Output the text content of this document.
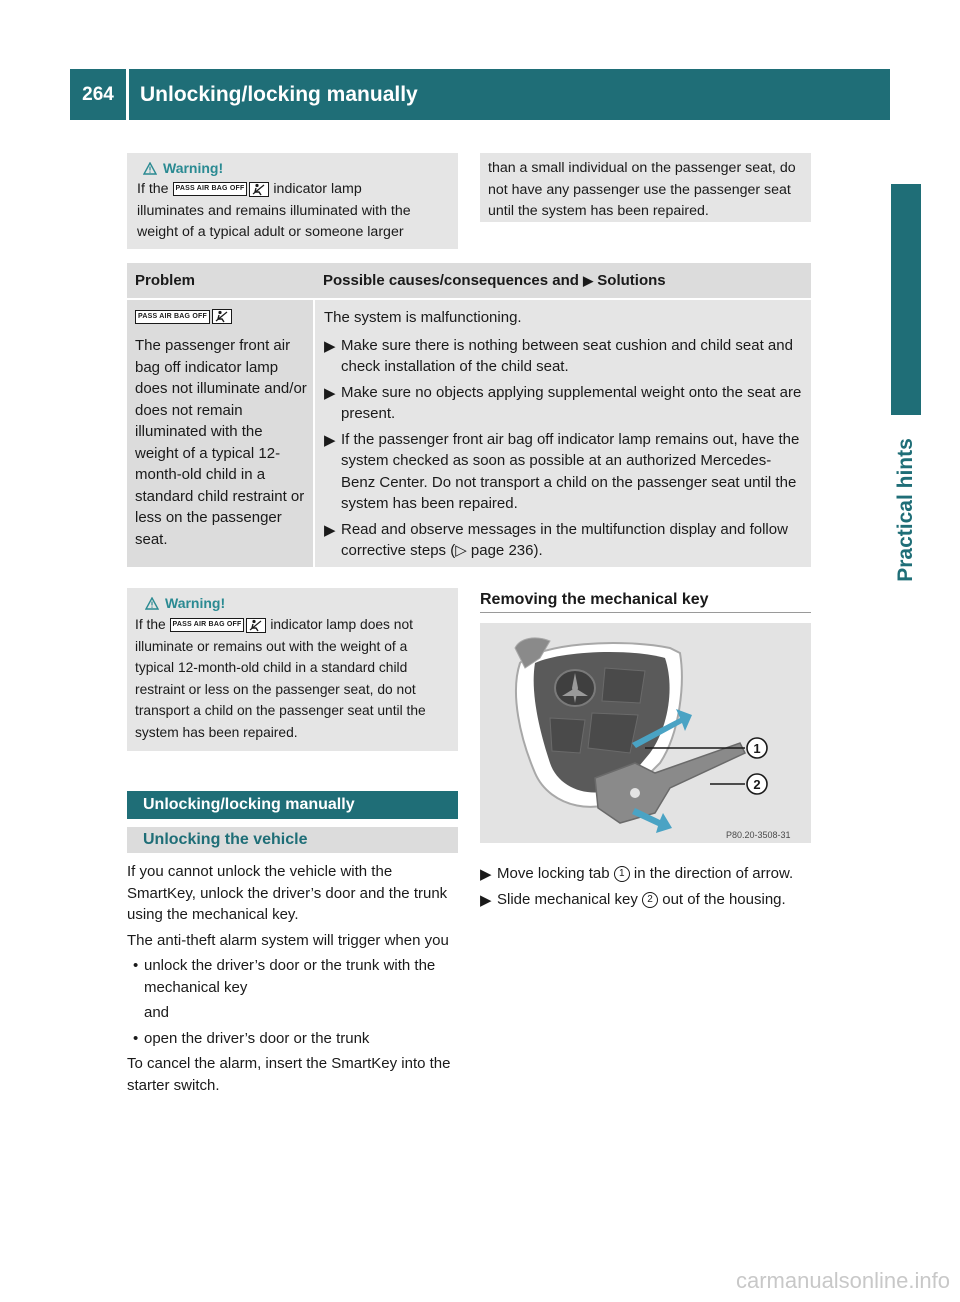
264	Unlocking/locking manually
Practical hints
Warning!
If the PASS AIR BAG OFF indicator lamp
illuminates and remains illuminated with the weight of a typical adult or someone larger
than a small individual on the passenger seat, do not have any passenger use the passenger seat until the system has been repaired.
Problem	Possible causes/consequences and ▶ Solutions
PASS AIR BAG OFF
The passenger front air bag off indicator lamp does not illuminate and/or does not remain illuminated with the weight of a typical 12-month-old child in a standard child restraint or less on the passenger seat.
The system is malfunctioning.
▶ Make sure there is nothing between seat cushion and child seat and check installation of the child seat.
▶ Make sure no objects applying supplemental weight onto the seat are present.
▶ If the passenger front air bag off indicator lamp remains out, have the system checked as soon as possible at an authorized Mercedes-Benz Center. Do not transport a child on the passenger seat until the system has been repaired.
▶ Read and observe messages in the multifunction display and follow corrective steps (▷ page 236).
Warning!
If the PASS AIR BAG OFF indicator lamp does not
illuminate or remains out with the weight of a typical 12-month-old child in a standard child restraint or less on the passenger seat, do not transport a child on the passenger seat until the system has been repaired.
Unlocking/locking manually
Unlocking the vehicle
If you cannot unlock the vehicle with the SmartKey, unlock the driver’s door and the trunk using the mechanical key.
The anti-theft alarm system will trigger when you
• unlock the driver’s door or the trunk with the mechanical key
and
• open the driver’s door or the trunk
To cancel the alarm, insert the SmartKey into the starter switch.
Removing the mechanical key
1
2
P80.20-3508-31
▶ Move locking tab 1 in the direction of arrow.
▶ Slide mechanical key 2 out of the housing.
carmanualsonline.info
